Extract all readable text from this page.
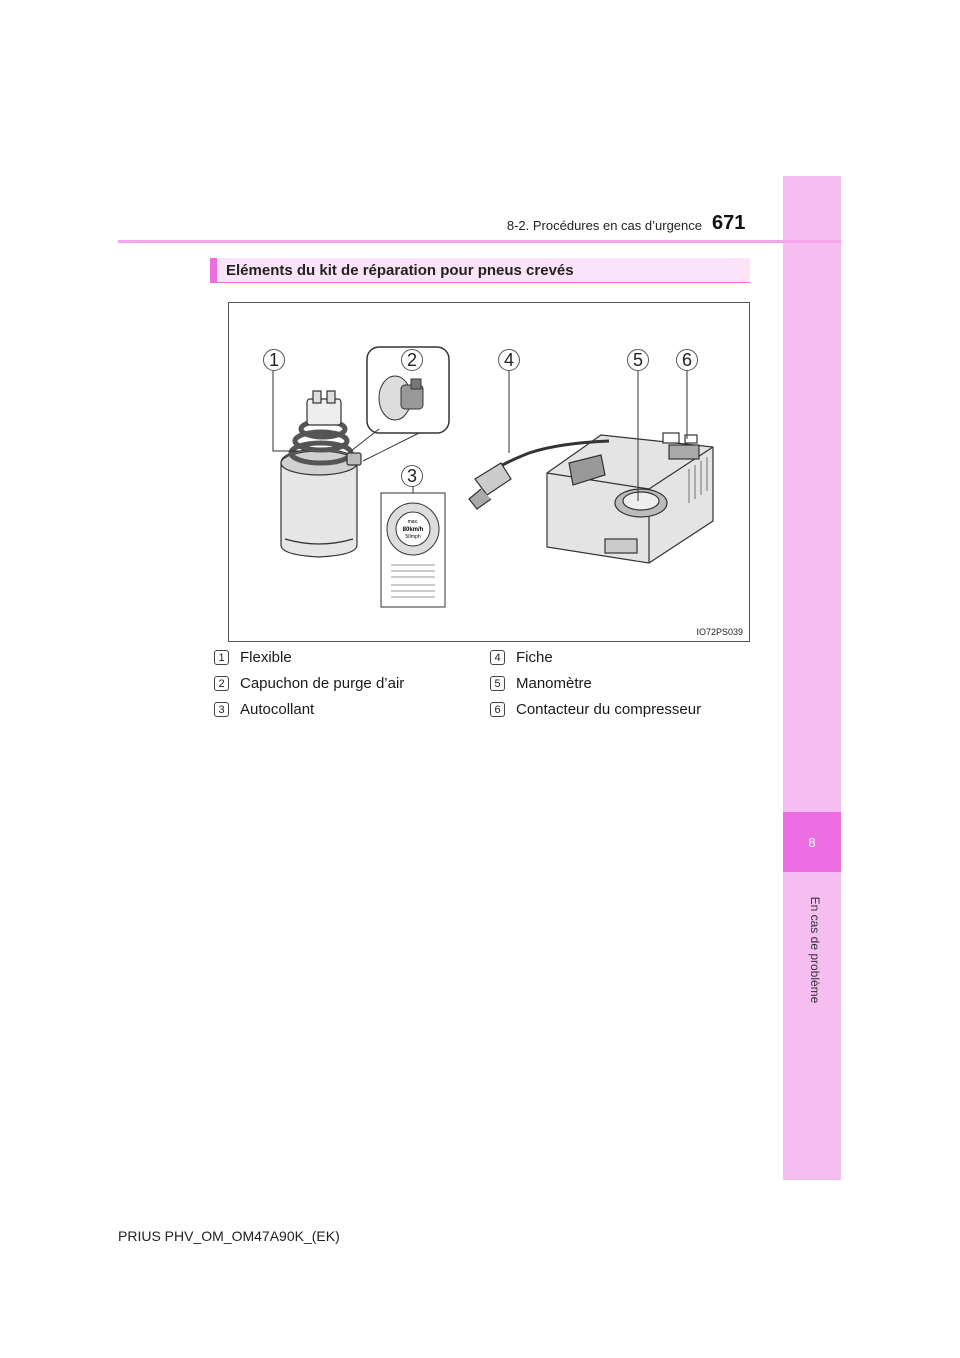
8
En cas de problème
8-2. Procédures en cas d’urgence 671
Eléments du kit de réparation pour pneus crevés
max.
80km/h
50mph
1	2
3
4	5	6
IO72PS039
1 Flexible
2 Capuchon de purge d’air
3 Autocollant
4 Fiche
5 Manomètre
6 Contacteur du compresseur
PRIUS PHV_OM_OM47A90K_(EK)
